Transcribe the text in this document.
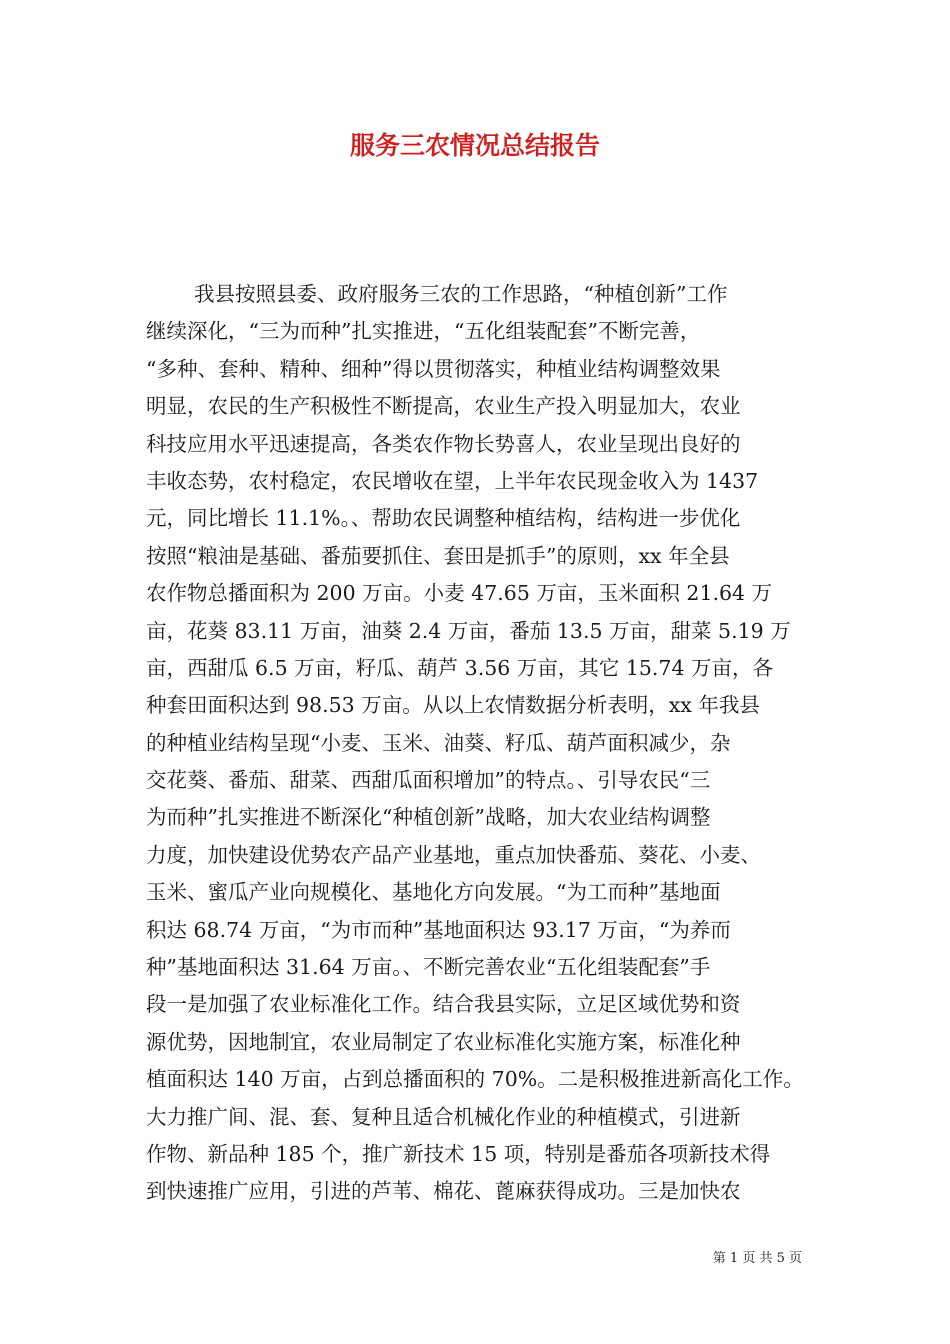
服务三农情况总结报告
我县按照县委、政府服务三农的工作思路，“种植创新”工作
继续深化，“三为而种”扎实推进，“五化组装配套”不断完善，
“多种、套种、精种、细种”得以贯彻落实，种植业结构调整效果
明显，农民的生产积极性不断提高，农业生产投入明显加大，农业
科技应用水平迅速提高，各类农作物长势喜人，农业呈现出良好的
丰收态势，农村稳定，农民增收在望，上半年农民现金收入为 1437
元，同比增长 11.1%。、帮助农民调整种植结构，结构进一步优化
按照“粮油是基础、番茄要抓住、套田是抓手”的原则，xx 年全县
农作物总播面积为 200 万亩。小麦 47.65 万亩，玉米面积 21.64 万
亩，花葵 83.11 万亩，油葵 2.4 万亩，番茄 13.5 万亩，甜菜 5.19 万
亩，西甜瓜 6.5 万亩，籽瓜、葫芦 3.56 万亩，其它 15.74 万亩，各
种套田面积达到 98.53 万亩。从以上农情数据分析表明，xx 年我县
的种植业结构呈现“小麦、玉米、油葵、籽瓜、葫芦面积减少，杂
交花葵、番茄、甜菜、西甜瓜面积增加”的特点。、引导农民“三
为而种”扎实推进不断深化“种植创新”战略，加大农业结构调整
力度，加快建设优势农产品产业基地，重点加快番茄、葵花、小麦、
玉米、蜜瓜产业向规模化、基地化方向发展。“为工而种”基地面
积达 68.74 万亩，“为市而种”基地面积达 93.17 万亩，“为养而
种”基地面积达 31.64 万亩。、不断完善农业“五化组装配套”手
段一是加强了农业标准化工作。结合我县实际，立足区域优势和资
源优势，因地制宜，农业局制定了农业标准化实施方案，标准化种
植面积达 140 万亩，占到总播面积的 70%。二是积极推进新高化工作。
大力推广间、混、套、复种且适合机械化作业的种植模式，引进新
作物、新品种 185 个，推广新技术 15 项，特别是番茄各项新技术得
到快速推广应用，引进的芦苇、棉花、蓖麻获得成功。三是加快农
第 1 页 共 5 页
